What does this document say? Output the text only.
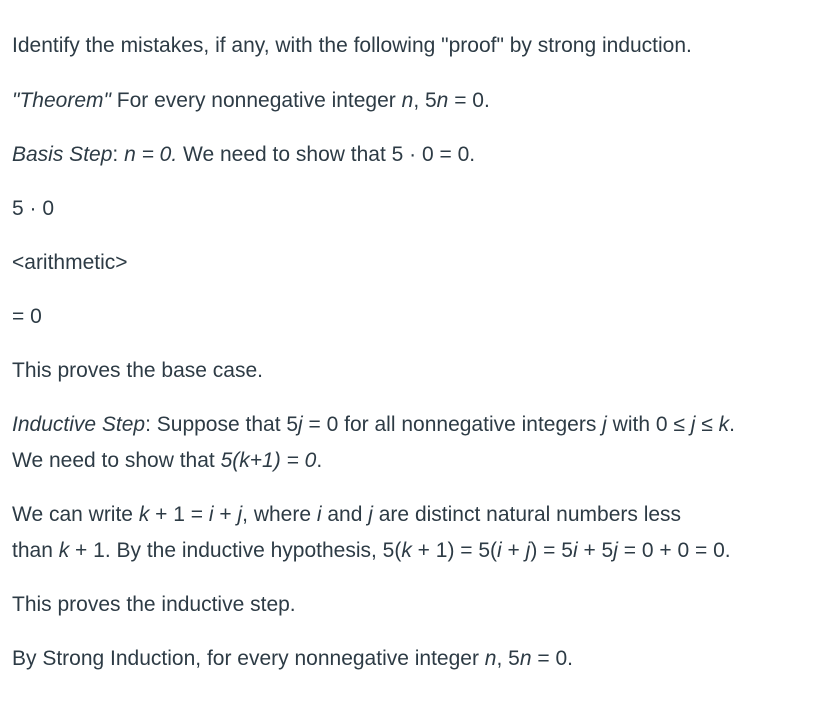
Identify the mistakes, if any, with the following "proof" by strong induction.
"Theorem" For every nonnegative integer n, 5n = 0.
Basis Step: n = 0. We need to show that 5 · 0 = 0.
5 · 0
<arithmetic>
= 0
This proves the base case.
Inductive Step: Suppose that 5j = 0 for all nonnegative integers j with 0 ≤ j ≤ k.
We need to show that 5(k+1) = 0.
We can write k + 1 = i + j, where i and j are distinct natural numbers less
than k + 1. By the inductive hypothesis, 5(k + 1) = 5(i + j) = 5i + 5j = 0 + 0 = 0.
This proves the inductive step.
By Strong Induction, for every nonnegative integer n, 5n = 0.
